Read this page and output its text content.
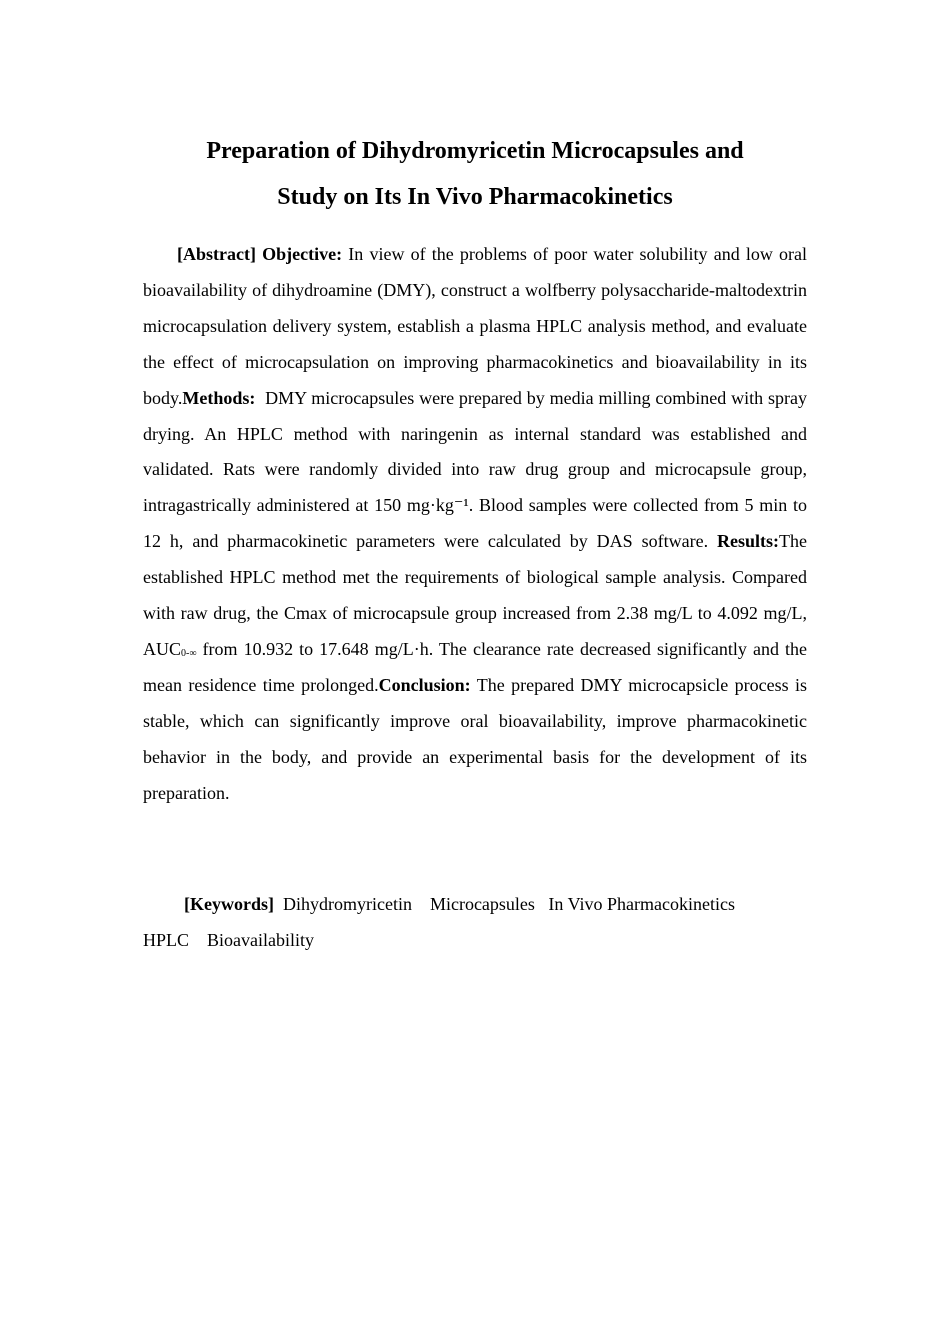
Preparation of Dihydromyricetin Microcapsules and
Study on Its In Vivo Pharmacokinetics

[Abstract] Objective: In view of the problems of poor water solubility and low oral bioavailability of dihydroamine (DMY), construct a wolfberry polysaccharide-maltodextrin microcapsulation delivery system, establish a plasma HPLC analysis method, and evaluate the effect of microcapsulation on improving pharmacokinetics and bioavailability in its body.Methods: DMY microcapsules were prepared by media milling combined with spray drying. An HPLC method with naringenin as internal standard was established and validated. Rats were randomly divided into raw drug group and microcapsule group, intragastrically administered at 150 mg·kg⁻¹. Blood samples were collected from 5 min to 12 h, and pharmacokinetic parameters were calculated by DAS software. Results:The established HPLC method met the requirements of biological sample analysis. Compared with raw drug, the Cmax of microcapsule group increased from 2.38 mg/L to 4.092 mg/L, $AUC_{0-\infty}$ from 10.932 to 17.648 mg/L·h. The clearance rate decreased significantly and the mean residence time prolonged.Conclusion: The prepared DMY microcapsicle process is stable, which can significantly improve oral bioavailability, improve pharmacokinetic behavior in the body, and provide an experimental basis for the development of its preparation.

[Keywords] Dihydromyricetin    Microcapsules   In Vivo Pharmacokinetics
HPLC    Bioavailability
